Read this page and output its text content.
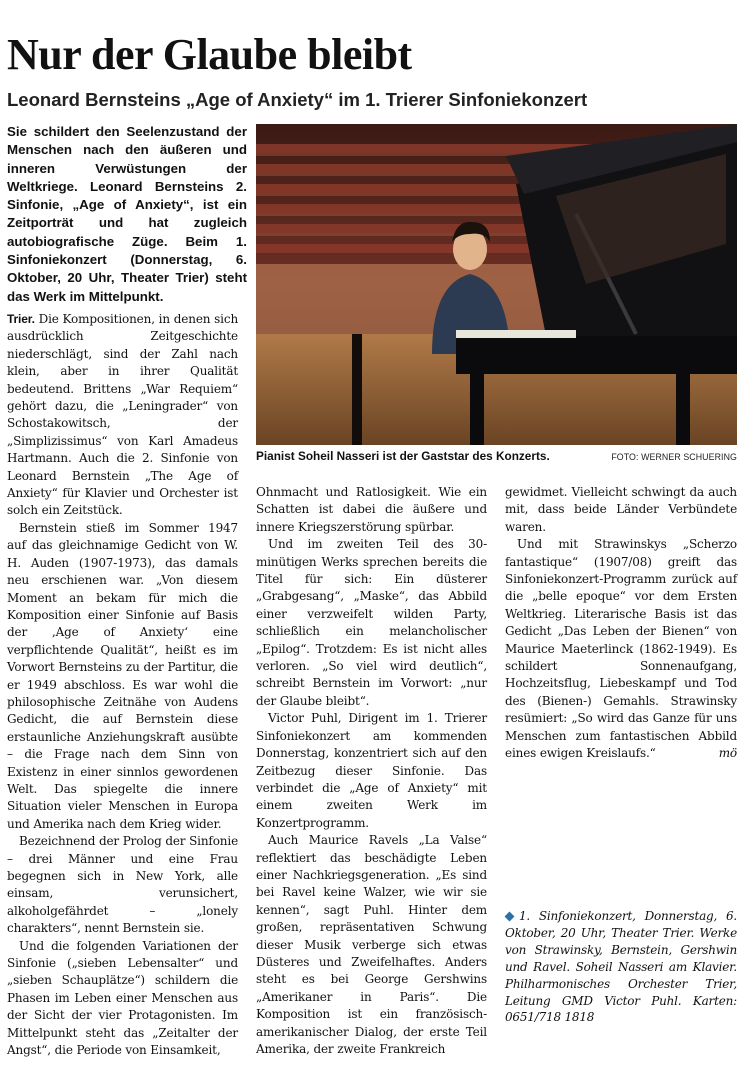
Nur der Glaube bleibt
Leonard Bernsteins „Age of Anxiety“ im 1. Trierer Sinfoniekonzert

Sie schildert den Seelenzustand der Menschen nach den äußeren und inneren Verwüstungen der Weltkriege. Leonard Bernsteins 2. Sinfonie, „Age of Anxiety“, ist ein Zeitporträt und hat zugleich autobiografische Züge. Beim 1. Sinfoniekonzert (Donnerstag, 6. Oktober, 20 Uhr, Theater Trier) steht das Werk im Mittelpunkt.

Pianist Soheil Nasseri ist der Gaststar des Konzerts.	FOTO: WERNER SCHUERING

Trier. Die Kompositionen, in denen sich ausdrücklich	Zeitgeschichte niederschlägt, sind der Zahl nach klein, aber in ihrer Qualität bedeutend. Brittens „War Requiem“ gehört dazu, die „Leningrader“ von Schostakowitsch,	der „Simplizissimus“ von Karl Amadeus Hartmann. Auch die 2. Sinfonie von Leonard Bernstein „The Age of Anxiety“ für Klavier und Orchester ist solch ein Zeitstück.

Bernstein stieß im Sommer 1947 auf das gleichnamige Gedicht von W. H. Auden (1907-1973), das damals neu erschienen war. „Von diesem Moment an bekam für mich die Komposition einer Sinfonie auf Basis der ‚Age of Anxiety‘ eine verpflichtende Qualität“, heißt es im Vorwort Bernsteins zu der Partitur, die er 1949 abschloss. Es war wohl die philosophische Zeitnähe von Audens Gedicht, die auf Bernstein diese erstaunliche Anziehungskraft ausübte – die Frage nach dem Sinn von Existenz in einer sinnlos gewordenen Welt. Das spiegelte die innere Situation vieler Menschen in Europa und Amerika nach dem Krieg wider.

Bezeichnend der Prolog der Sinfonie – drei Männer und eine Frau begegnen sich in New York, alle einsam,	verunsichert, alkoholgefährdet	–	„lonely charakters“, nennt Bernstein sie.

Und die folgenden Variationen der Sinfonie („sieben Lebensalter“ und „sieben Schauplätze“) schildern die Phasen im Leben einer Menschen aus der Sicht der vier Protagonisten. Im Mittelpunkt steht das „Zeitalter der Angst“, die Periode von Einsamkeit,

Ohnmacht und Ratlosigkeit. Wie ein Schatten ist dabei die äußere und innere Kriegszerstörung spürbar.

Und im zweiten Teil des 30-minütigen Werks sprechen bereits die Titel für sich: Ein düsterer „Grabgesang“, „Maske“, das Abbild einer verzweifelt wilden Party, schließlich ein melancholischer „Epilog“. Trotzdem: Es ist nicht alles verloren. „So viel wird deutlich“, schreibt Bernstein im Vorwort: „nur der Glaube bleibt“.

Victor Puhl, Dirigent im 1. Trierer Sinfoniekonzert am kommenden Donnerstag, konzentriert sich auf den Zeitbezug dieser Sinfonie. Das verbindet die „Age of Anxiety“ mit einem	zweiten	Werk	im Konzertprogramm.

Auch Maurice Ravels „La Valse“ reflektiert das beschädigte Leben einer Nachkriegsgeneration. „Es sind bei Ravel keine Walzer, wie wir sie kennen“, sagt Puhl. Hinter dem großen, repräsentativen Schwung dieser Musik verberge sich etwas Düsteres und Zweifelhaftes. Anders steht es bei George Gershwins „Amerikaner in Paris“. Die Komposition ist ein französisch-amerikanischer Dialog, der erste Teil Amerika, der zweite Frankreich

gewidmet. Vielleicht schwingt da auch mit, dass beide Länder Verbündete waren.

Und mit Strawinskys „Scherzo fantastique“ (1907/08) greift das Sinfoniekonzert-Programm zurück auf die „belle epoque“ vor dem Ersten Weltkrieg. Literarische Basis ist das Gedicht „Das Leben der Bienen“ von Maurice Maeterlinck (1862-1949). Es schildert	Sonnenaufgang, Hochzeitsflug, Liebeskampf und Tod des (Bienen-) Gemahls. Strawinsky resümiert: „So wird das Ganze für uns Menschen zum fantastischen Abbild eines ewigen Kreislaufs.“	mö

1. Sinfoniekonzert, Donnerstag, 6. Oktober, 20 Uhr, Theater Trier. Werke von Strawinsky, Bernstein, Gershwin und Ravel. Soheil Nasseri am Klavier. Philharmonisches Orchester Trier, Leitung GMD Victor Puhl. Karten: 0651/718 1818
